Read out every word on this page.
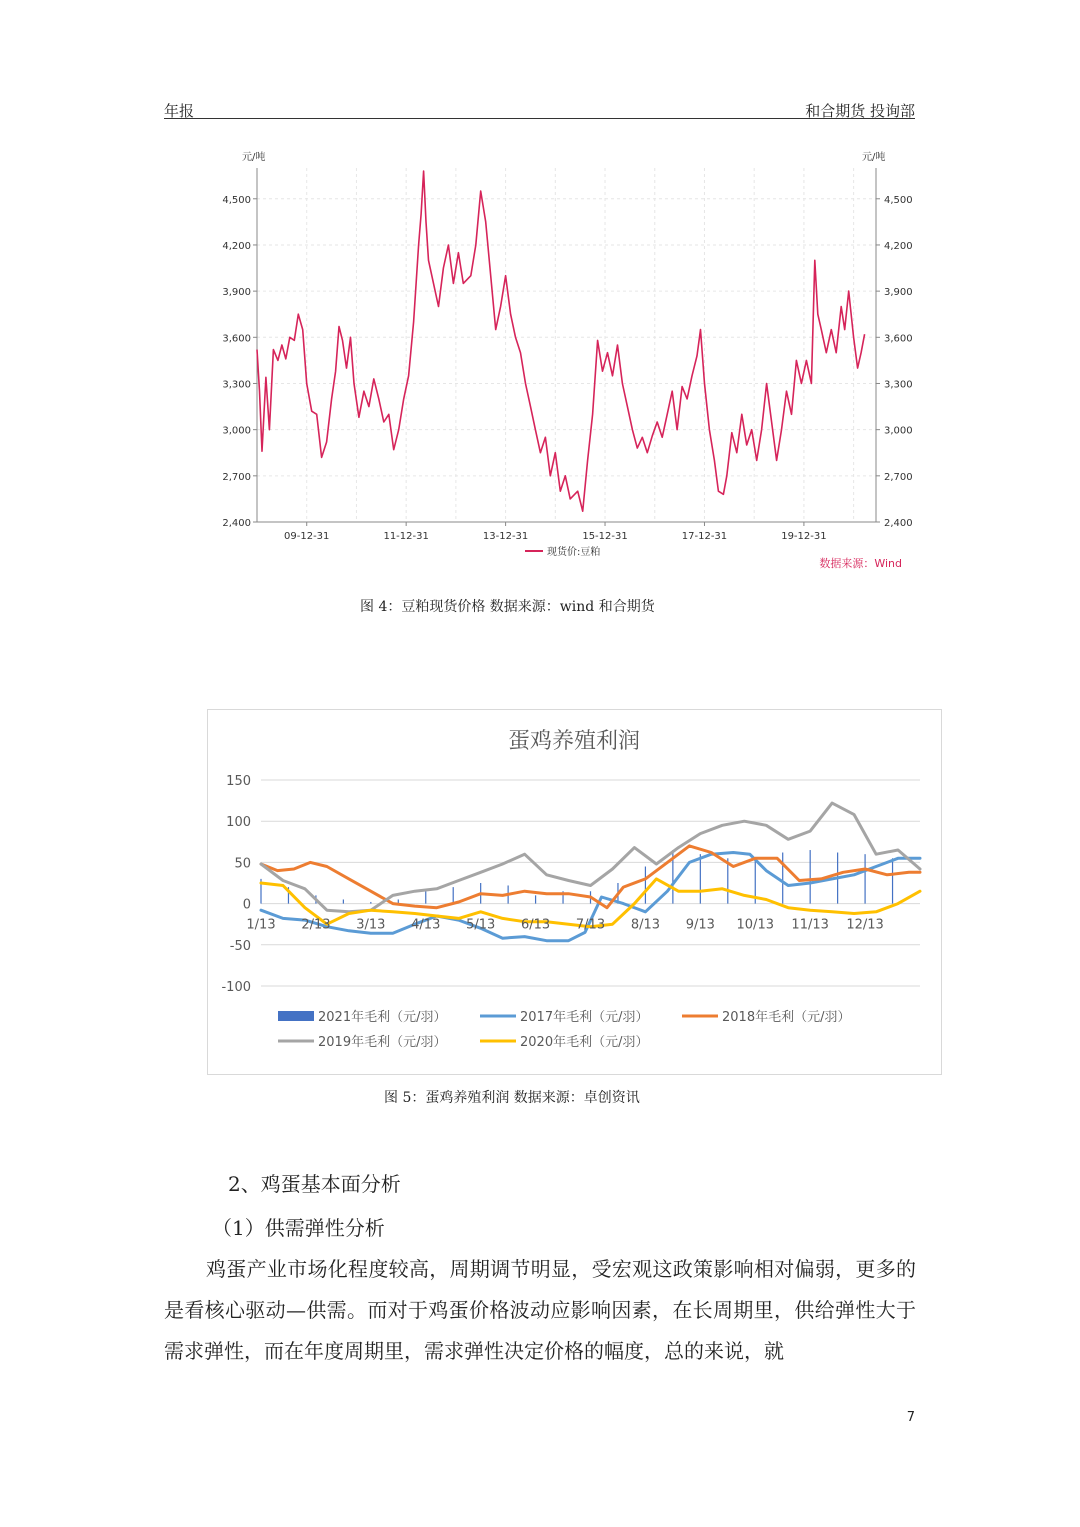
年报	和合期货 投询部
09-12-31	11-12-31	13-12-31	15-12-31	17-12-31	19-12-31
2,400	2,400
2,700	2,700
3,000	3,000
3,300	3,300
3,600	3,600
3,900	3,900
4,200	4,200
4,500	4,500
元/吨	元/吨
现货价:豆粕
数据来源：Wind
图 4：豆粕现货价格 数据来源：wind 和合期货
蛋鸡养殖利润
-100
-50
0
50
100
150
1/13 2/13 3/13 4/13 5/13 6/13 7/13 8/13 9/13 10/13 11/13 12/13
2021年毛利（元/羽）	2017年毛利（元/羽）	2018年毛利（元/羽）
2019年毛利（元/羽）	2020年毛利（元/羽）
图 5：蛋鸡养殖利润 数据来源：卓创资讯
2、鸡蛋基本面分析
（1）供需弹性分析
鸡蛋产业市场化程度较高，周期调节明显，受宏观这政策影响相对偏弱，更多的是看核心驱动—供需。而对于鸡蛋价格波动应影响因素，在长周期里，供给弹性大于需求弹性，而在年度周期里，需求弹性决定价格的幅度，总的来说，就
7
